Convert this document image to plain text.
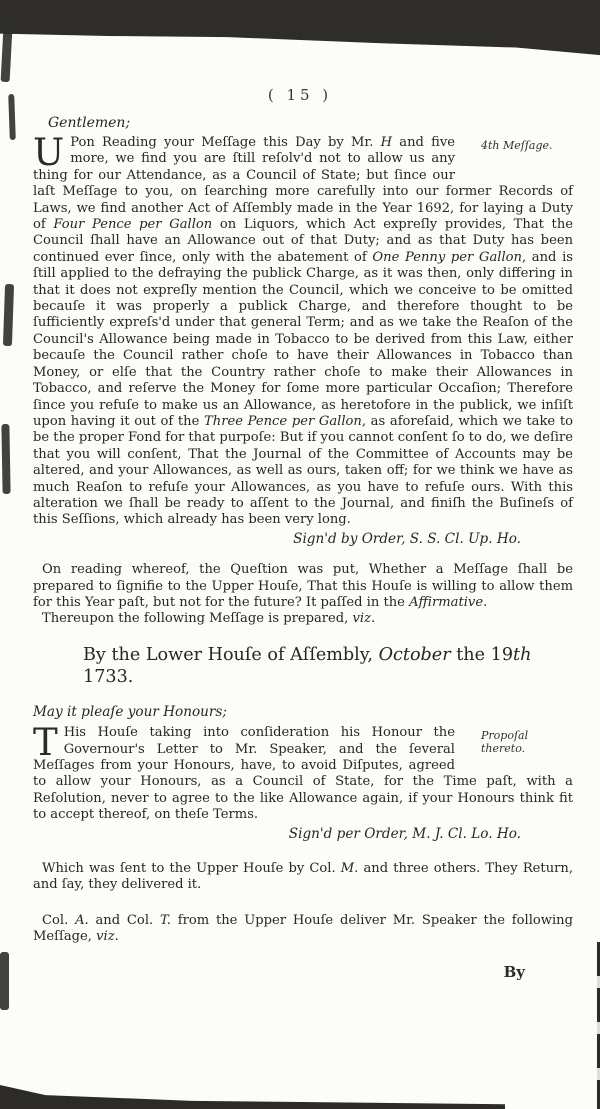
( 15 )
Gentlemen;

4th Meſſage.
U Pon Reading your Meſſage this Day by Mr. H and five more, we find you are ſtill reſolv'd not to allow us any thing for our Attendance, as a Council of State; but ſince our laſt Meſſage to you, on ſearching more carefully into our former Records of Laws, we find another Act of Aſſembly made in the Year 1692, for laying a Duty of Four Pence per Gallon on Liquors, which Act expreſly provides, That the Council ſhall have an Allowance out of that Duty; and as that Duty has been continued ever ſince, only with the abatement of One Penny per Gallon, and is ſtill applied to the defraying the publick Charge, as it was then, only differing in that it does not expreſly mention the Council, which we conceive to be omitted becauſe it was properly a publick Charge, and therefore thought to be ſufficiently expreſs'd under that general Term; and as we take the Reaſon of the Council's Allowance being made in Tobacco to be derived from this Law, either becauſe the Council rather choſe to have their Allowances in Tobacco than Money, or elſe that the Country rather choſe to make their Allowances in Tobacco, and reſerve the Money for ſome more particular Occaſion; Therefore ſince you refuſe to make us an Allowance, as heretofore in the publick, we inſiſt upon having it out of the Three Pence per Gallon, as aforeſaid, which we take to be the proper Fond for that purpoſe: But if you cannot conſent ſo to do, we deſire that you will conſent, That the Journal of the Committee of Accounts may be altered, and your Allowances, as well as ours, taken off; for we think we have as much Reaſon to refuſe your Allowances, as you have to refuſe ours. With this alteration we ſhall be ready to aſſent to the Journal, and finiſh the Buſineſs of this Seſſions, which already has been very long.

Sign'd by Order, S. S. Cl. Up. Ho.

On reading whereof, the Queſtion was put, Whether a Meſſage ſhall be prepared to ſignifie to the Upper Houſe, That this Houſe is willing to allow them for this Year paſt, but not for the future? It paſſed in the Affirmative.

Thereupon the following Meſſage is prepared, viz.

By the Lower Houſe of Aſſembly, October the 19th 1733.

May it pleaſe your Honours;

Propoſal thereto.
T His Houſe taking into conſideration his Honour the Governour's Letter to Mr. Speaker, and the ſeveral Meſſages from your Honours, have, to avoid Diſputes, agreed to allow your Honours, as a Council of State, for the Time paſt, with a Reſolution, never to agree to the like Allowance again, if your Honours think fit to accept thereof, on theſe Terms.

Sign'd per Order, M. J. Cl. Lo. Ho.

Which was ſent to the Upper Houſe by Col. M. and three others. They Return, and ſay, they delivered it.

Col. A. and Col. T. from the Upper Houſe deliver Mr. Speaker the following Meſſage, viz.

By
